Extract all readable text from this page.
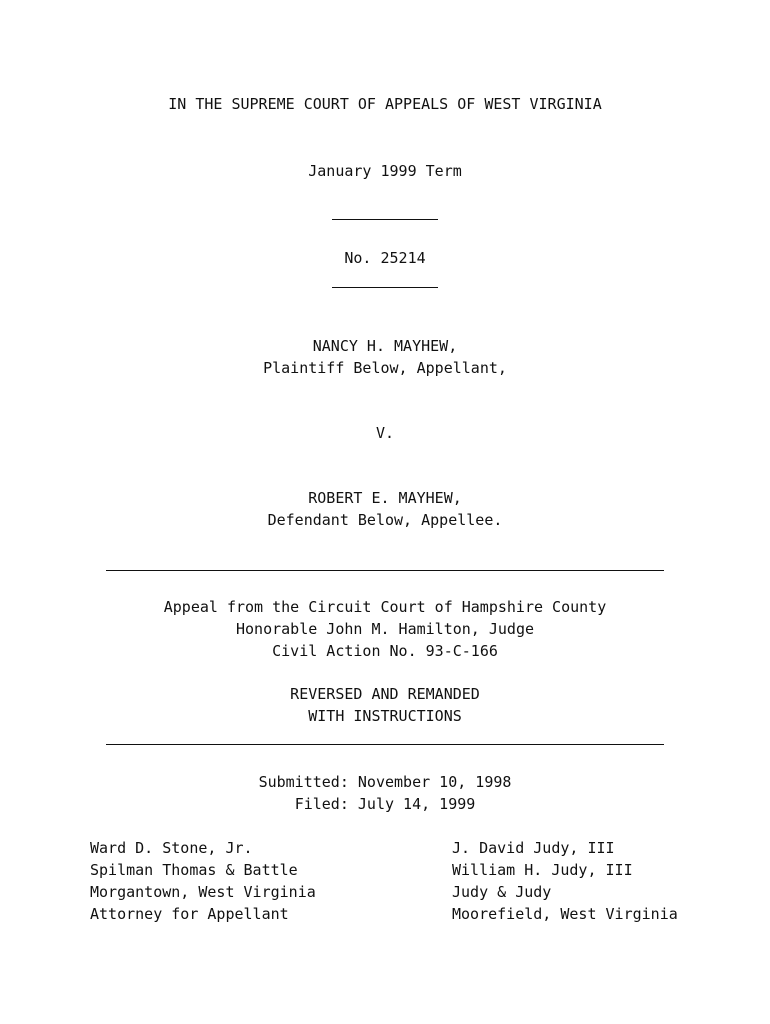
IN THE SUPREME COURT OF APPEALS OF WEST VIRGINIA
January 1999 Term
No. 25214
NANCY H. MAYHEW,
Plaintiff Below, Appellant,
V.
ROBERT E. MAYHEW,
Defendant Below, Appellee.
Appeal from the Circuit Court of Hampshire County
Honorable John M. Hamilton, Judge
Civil Action No. 93-C-166
REVERSED AND REMANDED
WITH INSTRUCTIONS
Submitted: November 10, 1998
Filed: July 14, 1999
Ward D. Stone, Jr.
Spilman Thomas & Battle
Morgantown, West Virginia
Attorney for Appellant
J. David Judy, III
William H. Judy, III
Judy & Judy
Moorefield, West Virginia
